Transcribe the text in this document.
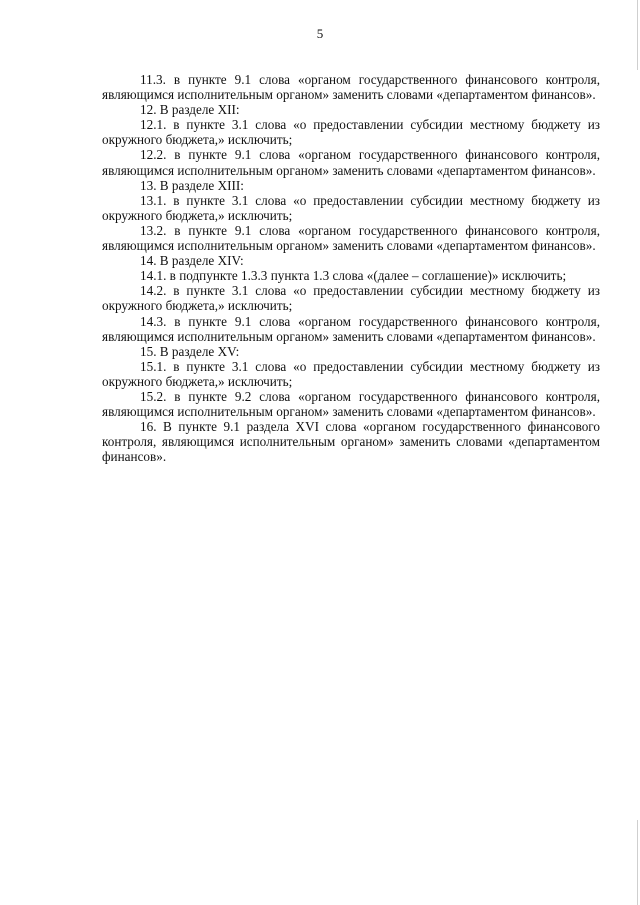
5

11.3. в пункте 9.1 слова «органом государственного финансового контроля, являющимся исполнительным органом» заменить словами «департаментом финансов».

12. В разделе XII:

12.1. в пункте 3.1 слова «о предоставлении субсидии местному бюджету из окружного бюджета,» исключить;

12.2. в пункте 9.1 слова «органом государственного финансового контроля, являющимся исполнительным органом» заменить словами «департаментом финансов».

13. В разделе XIII:

13.1. в пункте 3.1 слова «о предоставлении субсидии местному бюджету из окружного бюджета,» исключить;

13.2. в пункте 9.1 слова «органом государственного финансового контроля, являющимся исполнительным органом» заменить словами «департаментом финансов».

14. В разделе XIV:

14.1. в подпункте 1.3.3 пункта 1.3 слова «(далее – соглашение)» исключить;

14.2. в пункте 3.1 слова «о предоставлении субсидии местному бюджету из окружного бюджета,» исключить;

14.3. в пункте 9.1 слова «органом государственного финансового контроля, являющимся исполнительным органом» заменить словами «департаментом финансов».

15. В разделе XV:

15.1. в пункте 3.1 слова «о предоставлении субсидии местному бюджету из окружного бюджета,» исключить;

15.2. в пункте 9.2 слова «органом государственного финансового контроля, являющимся исполнительным органом» заменить словами «департаментом финансов».

16. В пункте 9.1 раздела XVI слова «органом государственного финансового контроля, являющимся исполнительным органом» заменить словами «департаментом финансов».
